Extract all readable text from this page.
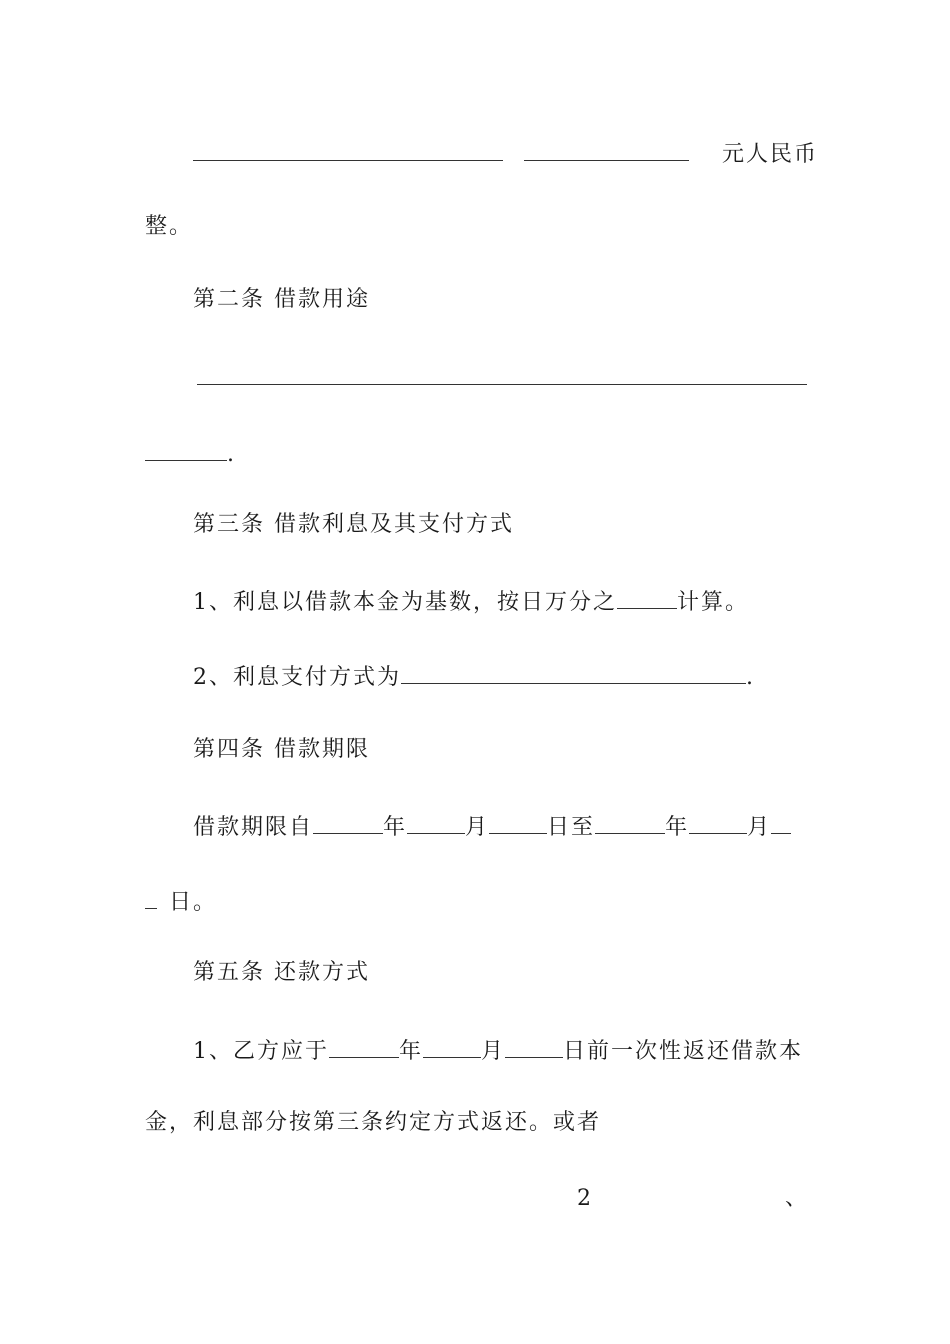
元人民币
整。
第二条 借款用途
.
第三条 借款利息及其支付方式
1、利息以借款本金为基数，按日万分之	计算。
2、利息支付方式为	.
第四条 借款期限
借款期限自	年	月	日至	年	月
日。
第五条 还款方式
1、乙方应于	年	月	日前一次性返还借款本
金，利息部分按第三条约定方式返还。或者
2	、
